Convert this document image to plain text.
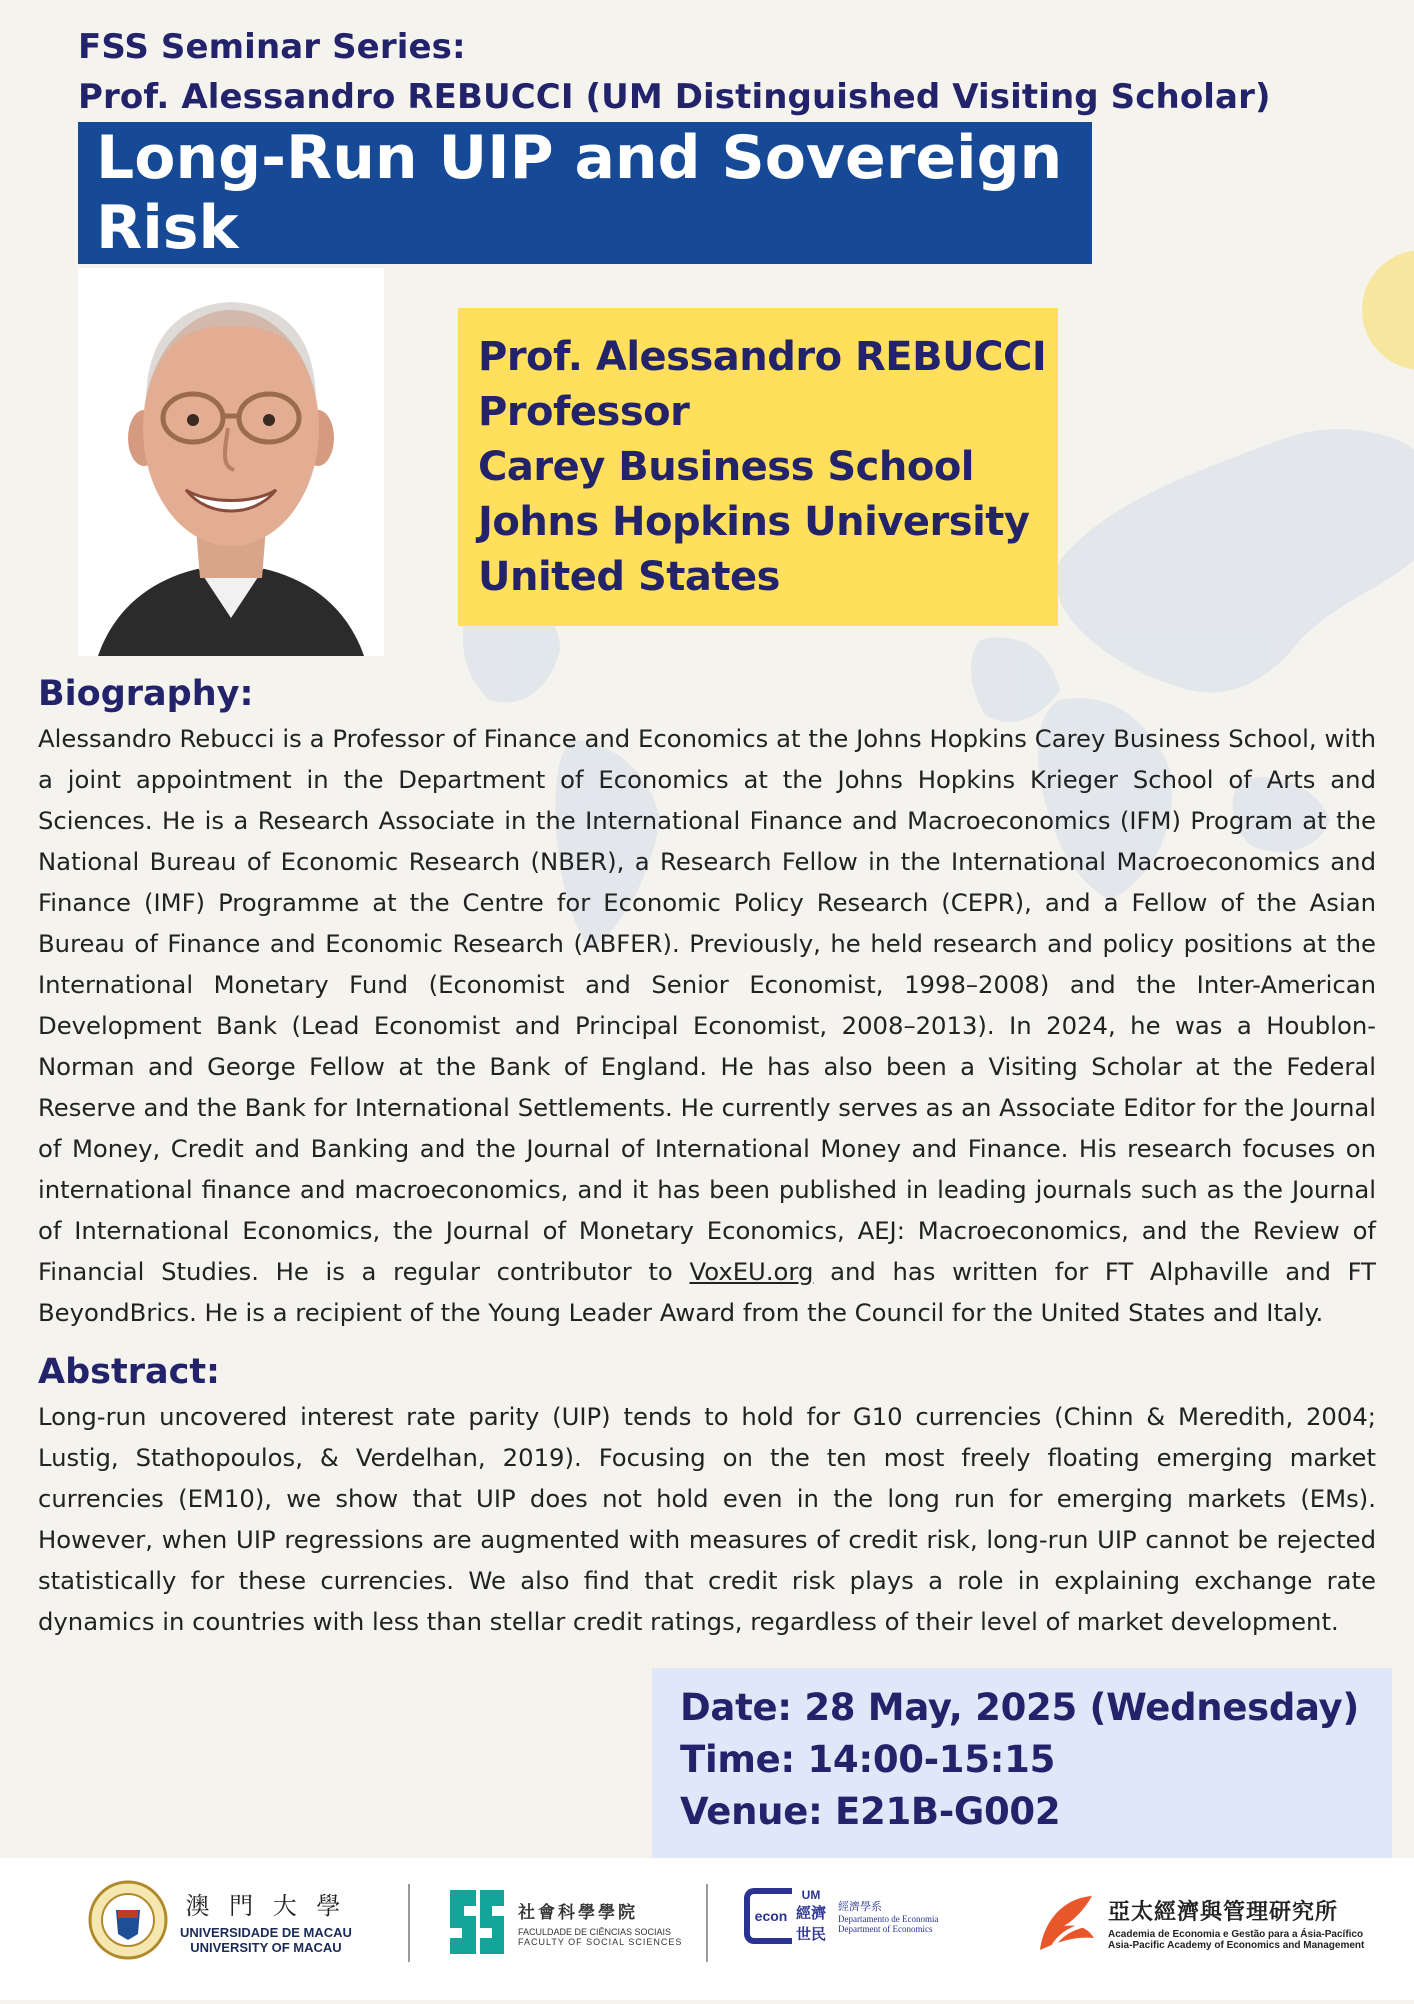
FSS Seminar Series:
Prof. Alessandro REBUCCI (UM Distinguished Visiting Scholar)
Long-Run UIP and Sovereign Risk
Prof. Alessandro REBUCCI
Professor
Carey Business School
Johns Hopkins University
United States
Biography:
Alessandro Rebucci is a Professor of Finance and Economics at the Johns Hopkins Carey Business School, with a joint appointment in the Department of Economics at the Johns Hopkins Krieger School of Arts and Sciences. He is a Research Associate in the International Finance and Macroeconomics (IFM) Program at the National Bureau of Economic Research (NBER), a Research Fellow in the International Macroeconomics and Finance (IMF) Programme at the Centre for Economic Policy Research (CEPR), and a Fellow of the Asian Bureau of Finance and Economic Research (ABFER). Previously, he held research and policy positions at the International Monetary Fund (Economist and Senior Economist, 1998–2008) and the Inter-American Development Bank (Lead Economist and Principal Economist, 2008–2013). In 2024, he was a Houblon-Norman and George Fellow at the Bank of England. He has also been a Visiting Scholar at the Federal Reserve and the Bank for International Settlements. He currently serves as an Associate Editor for the Journal of Money, Credit and Banking and the Journal of International Money and Finance. His research focuses on international finance and macroeconomics, and it has been published in leading journals such as the Journal of International Economics, the Journal of Monetary Economics, AEJ: Macroeconomics, and the Review of Financial Studies. He is a regular contributor to VoxEU.org and has written for FT Alphaville and FT BeyondBrics. He is a recipient of the Young Leader Award from the Council for the United States and Italy.
Abstract:
Long-run uncovered interest rate parity (UIP) tends to hold for G10 currencies (Chinn & Meredith, 2004; Lustig, Stathopoulos, & Verdelhan, 2019). Focusing on the ten most freely floating emerging market currencies (EM10), we show that UIP does not hold even in the long run for emerging markets (EMs). However, when UIP regressions are augmented with measures of credit risk, long-run UIP cannot be rejected statistically for these currencies. We also find that credit risk plays a role in explaining exchange rate dynamics in countries with less than stellar credit ratings, regardless of their level of market development.
Date: 28 May, 2025 (Wednesday)
Time: 14:00-15:15
Venue: E21B-G002
澳 門 大 學
UNIVERSIDADE DE MACAU
UNIVERSITY OF MACAU
社會科學學院
FACULDADE DE CIÊNCIAS SOCIAIS
FACULTY OF SOCIAL SCIENCES
econ
UM
經濟
世民
經濟學系
Departamento de Economia
Department of Economics
亞太經濟與管理研究所
Academia de Economia e Gestão para a Ásia-Pacífico
Asia-Pacific Academy of Economics and Management
